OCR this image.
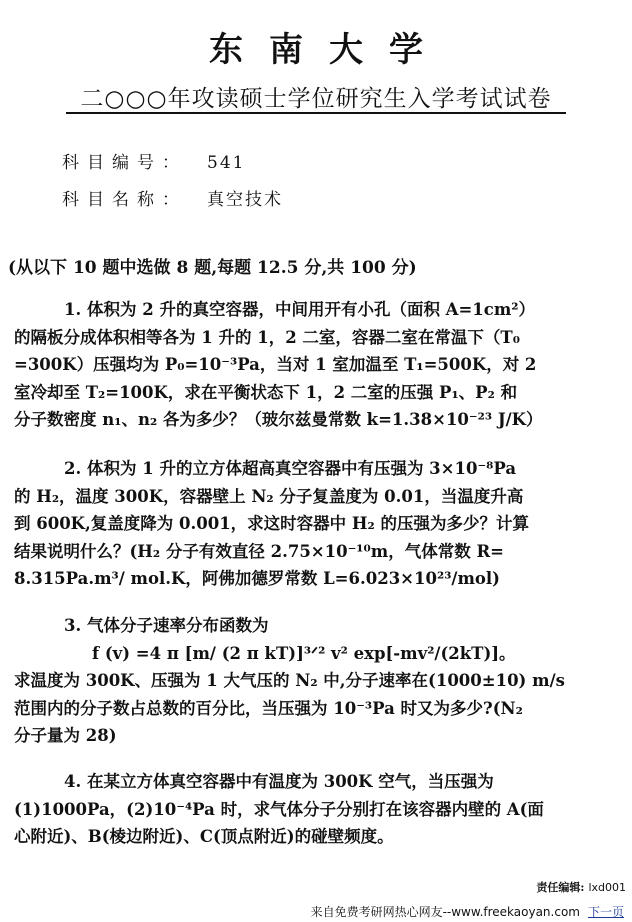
东南大学
二○○○年攻读硕士学位研究生入学考试试卷
科目编号： 541
科目名称： 真空技术
(从以下 10 题中选做 8 题,每题 12.5 分,共 100 分)

1. 体积为 2 升的真空容器，中间用开有小孔（面积 A=1cm²）

的隔板分成体积相等各为 1 升的 1，2 二室，容器二室在常温下（T₀

=300K）压强均为 P₀=10⁻³Pa，当对 1 室加温至 T₁=500K，对 2

室冷却至 T₂=100K，求在平衡状态下 1，2 二室的压强 P₁、P₂ 和

分子数密度 n₁、n₂ 各为多少？（玻尔兹曼常数 k=1.38×10⁻²³ J/K）

2. 体积为 1 升的立方体超高真空容器中有压强为 3×10⁻⁸Pa

的 H₂，温度 300K，容器壁上 N₂ 分子复盖度为 0.01，当温度升高

到 600K,复盖度降为 0.001，求这时容器中 H₂ 的压强为多少？计算

结果说明什么？(H₂ 分子有效直径 2.75×10⁻¹⁰m，气体常数 R=

8.315Pa.m³/ mol.K，阿佛加德罗常数 L=6.023×10²³/mol)

3. 气体分子速率分布函数为

f (v) =4 π [m/ (2 π kT)]³ᐟ² v² exp[-mv²/(2kT)]。

求温度为 300K、压强为 1 大气压的 N₂ 中,分子速率在(1000±10) m/s

范围内的分子数占总数的百分比，当压强为 10⁻³Pa 时又为多少?(N₂

分子量为 28)

4. 在某立方体真空容器中有温度为 300K 空气，当压强为

(1)1000Pa，(2)10⁻⁴Pa 时，求气体分子分别打在该容器内壁的 A(面

心附近)、B(棱边附近)、C(顶点附近)的碰壁频度。

责任编辑: lxd001
来自免费考研网热心网友--www.freekaoyan.com 下一页
